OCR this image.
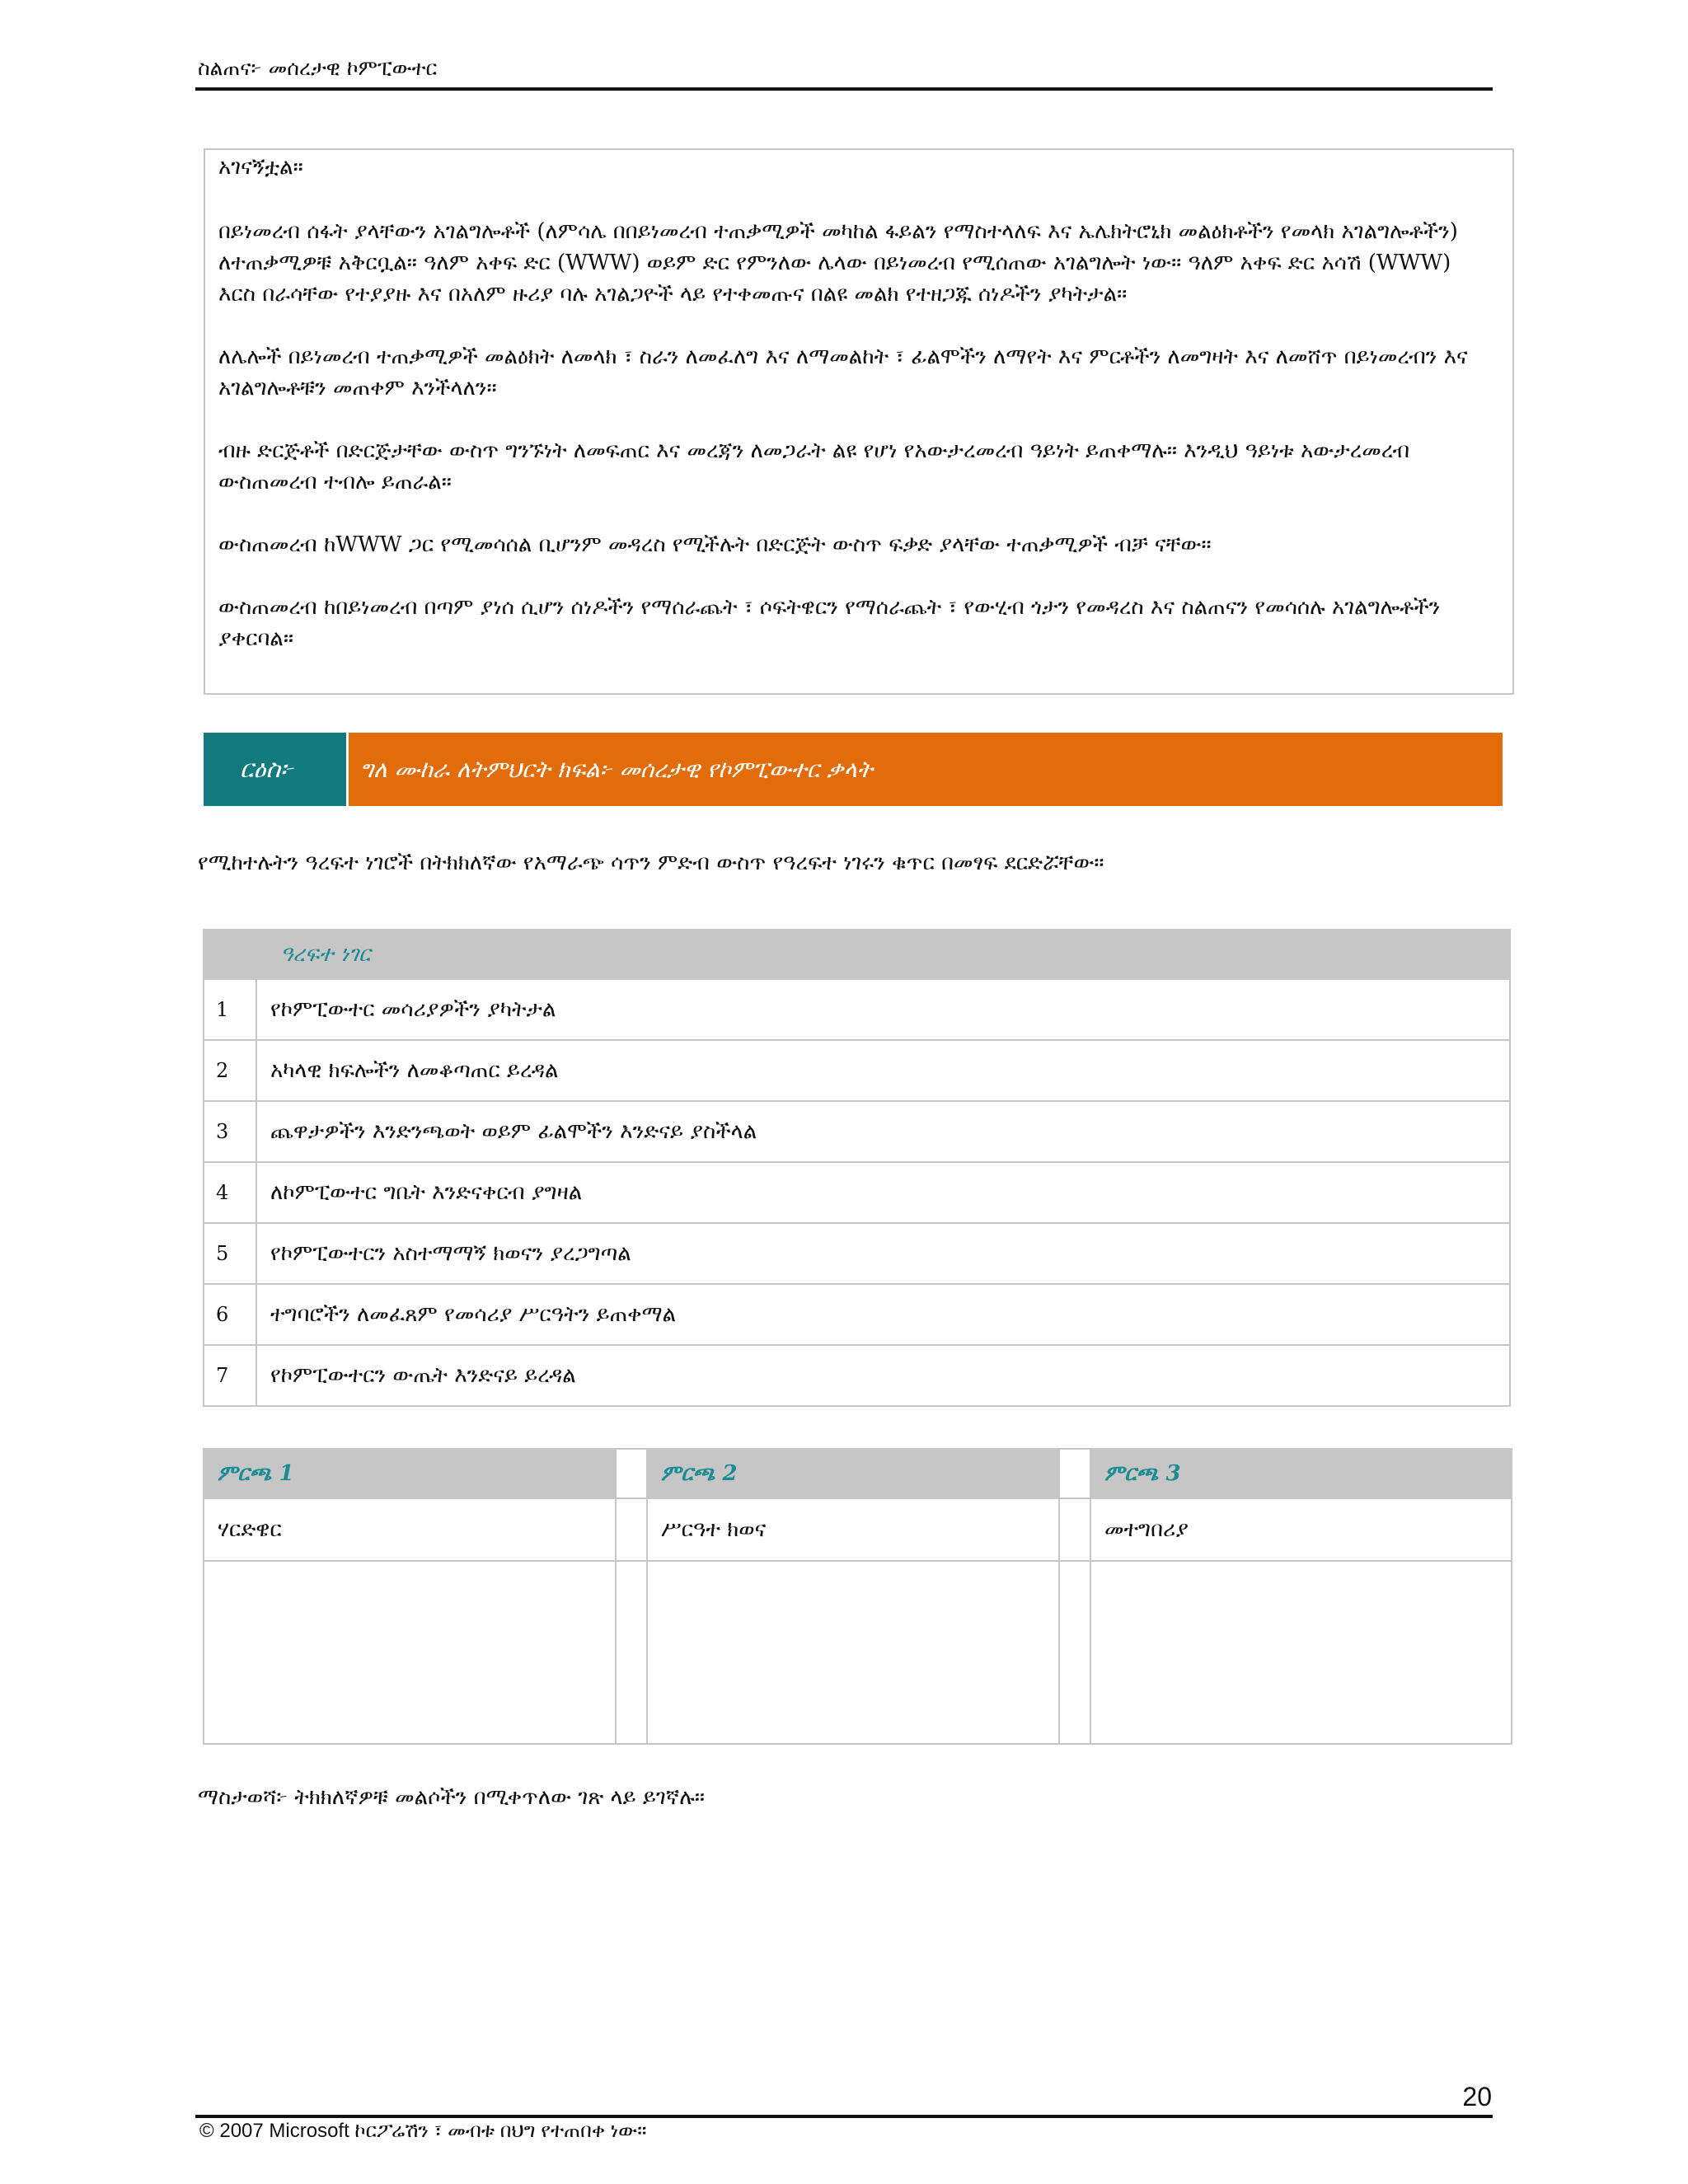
ስልጠና፦ መሰረታዊ ኮምፒውተር

አገናኝቷል።

በይነመረብ ሰፋት ያላቸውን አገልግሎቶች (ለምሳሌ በበይነመረብ ተጠቃሚዎች መካከል ፋይልን የማስተላለፍ እና ኤሌክትሮኒክ መልዕክቶችን የመላክ አገልግሎቶችን) ለተጠቃሚዎቹ አቅርቧል። ዓለም አቀፍ ድር (WWW) ወይም ድር የምንለው ሌላው በይነመረብ የሚሰጠው አገልግሎት ነው። ዓለም አቀፍ ድር አሳሽ (WWW) እርስ በራሳቸው የተያያዙ እና በአለም ዙሪያ ባሉ አገልጋዮች ላይ የተቀመጡና በልዩ መልክ የተዘጋጁ ሰነዶችን ያካትታል።

ለሌሎች በይነመረብ ተጠቃሚዎች መልዕክት ለመላክ ፣ ስራን ለመፈለግ እና ለማመልከት ፣ ፊልሞችን ለማየት እና ምርቶችን ለመግዛት እና ለመሸጥ በይነመረብን እና አገልግሎቶቹን መጠቀም እንችላለን።

ብዙ ድርጅቶች በድርጅታቸው ውስጥ ግንኙነት ለመፍጠር እና መረጃን ለመጋራት ልዩ የሆነ የአውታረመረብ ዓይነት ይጠቀማሉ። እንዲህ ዓይነቱ አውታረመረብ ውስጠመረብ ተብሎ ይጠራል።

ውስጠመረብ ከWWW ጋር የሚመሳሰል ቢሆንም መዳረስ የሚችሉት በድርጅት ውስጥ ፍቃድ ያላቸው ተጠቃሚዎች ብቻ ናቸው።

ውስጠመረብ ከበይነመረብ በጣም ያነሰ ሲሆን ሰነዶችን የማሰራጨት ፣ ሶፍትዌርን የማሰራጨት ፣ የውሂብ ጎታን የመዳረስ እና ስልጠናን የመሳሰሉ አገልግሎቶችን ያቀርባል።

ርዕስ፦	ግለ ሙከራ ለትምህርት ክፍል፦ መሰረታዊ የኮምፒውተር ቃላት
የሚከተሉትን ዓረፍተ ነገሮች በትክክለኛው የአማራጭ ሳጥን ምድብ ውስጥ የዓረፍተ ነገሩን ቁጥር በመፃፍ ደርድሯቸው።
ዓረፍተ ነገር	
1	የኮምፒውተር መሳሪያዎችን ያካትታል
2	አካላዊ ክፍሎችን ለመቆጣጠር ይረዳል
3	ጨዋታዎችን እንድንጫወት ወይም ፊልሞችን እንድናይ ያስችላል
4	ለኮምፒውተር ግቤት እንድናቀርብ ያግዛል
5	የኮምፒውተርን አስተማማኝ ክወናን ያረጋግጣል
6	ተግባሮችን ለመፈጸም የመሳሪያ ሥርዓትን ይጠቀማል
7	የኮምፒውተርን ውጤት እንድናይ ይረዳል
ምርጫ 1		ምርጫ 2		ምርጫ 3
ሃርድዌር		ሥርዓተ ክወና		መተግበሪያ

ማስታወሻ፦ ትክክለኛዎቹ መልሶችን በሚቀጥለው ገጽ ላይ ይገኛሉ።
20
© 2007 Microsoft ኮርፖሬሽን ፣ መብቱ በህግ የተጠበቀ ነው።
